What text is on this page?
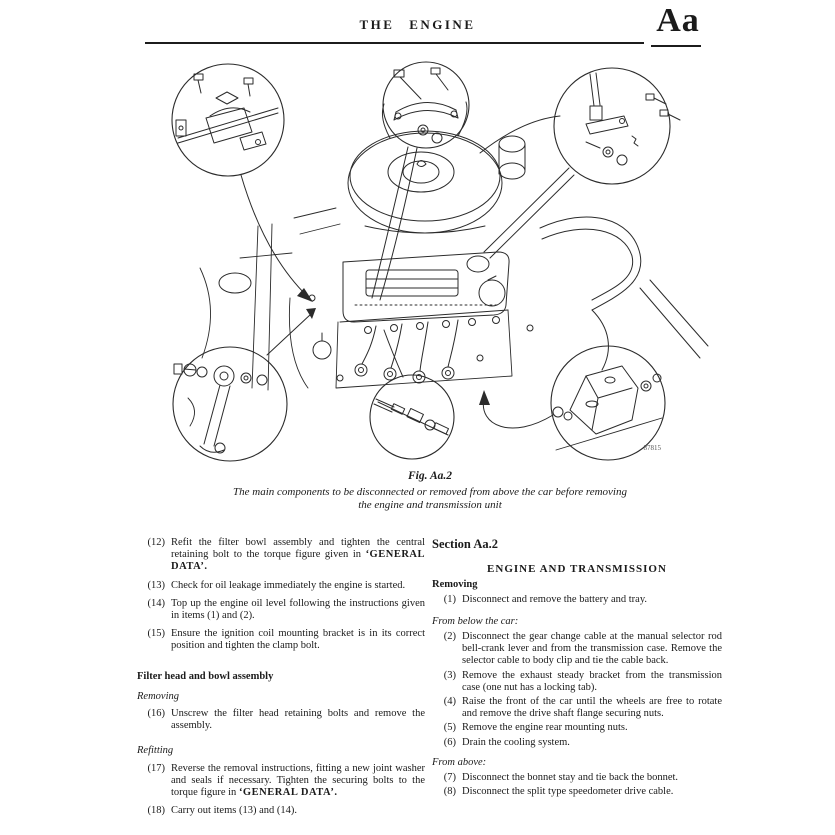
THE ENGINE	Aa
87815
Fig. Aa.2
The main components to be disconnected or removed from above the car before removing
the engine and transmission unit
(12) Refit the filter bowl assembly and tighten the central retaining bolt to the torque figure given in ‘GENERAL DATA’.
(13) Check for oil leakage immediately the engine is started.
(14) Top up the engine oil level following the instructions given in items (1) and (2).
(15) Ensure the ignition coil mounting bracket is in its correct position and tighten the clamp bolt.
Filter head and bowl assembly
Removing
(16) Unscrew the filter head retaining bolts and remove the assembly.
Refitting
(17) Reverse the removal instructions, fitting a new joint washer and seals if necessary. Tighten the securing bolts to the torque figure in ‘GENERAL DATA’.
(18) Carry out items (13) and (14).
Section Aa.2
ENGINE AND TRANSMISSION
Removing
(1) Disconnect and remove the battery and tray.
From below the car:
(2) Disconnect the gear change cable at the manual selector rod bell-crank lever and from the transmission case. Remove the selector cable to body clip and tie the cable back.
(3) Remove the exhaust steady bracket from the transmission case (one nut has a locking tab).
(4) Raise the front of the car until the wheels are free to rotate and remove the drive shaft flange securing nuts.
(5) Remove the engine rear mounting nuts.
(6) Drain the cooling system.
From above:
(7) Disconnect the bonnet stay and tie back the bonnet.
(8) Disconnect the split type speedometer drive cable.
